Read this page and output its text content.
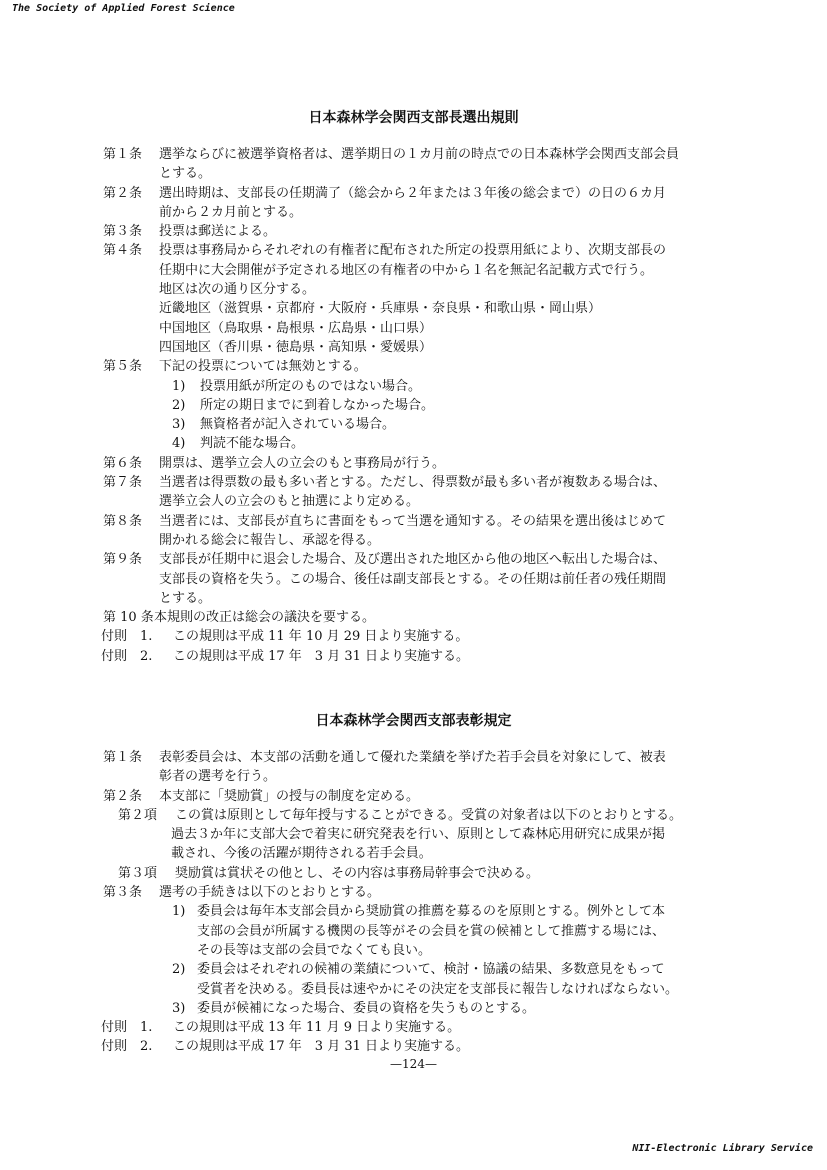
The Society of Applied Forest Science
日本森林学会関西支部長選出規則
第１条 選挙ならびに被選挙資格者は、選挙期日の１カ月前の時点での日本森林学会関西支部会員
とする。
第２条 選出時期は、支部長の任期満了（総会から２年または３年後の総会まで）の日の６カ月
前から２カ月前とする。
第３条 投票は郵送による。
第４条 投票は事務局からそれぞれの有権者に配布された所定の投票用紙により、次期支部長の
任期中に大会開催が予定される地区の有権者の中から１名を無記名記載方式で行う。
地区は次の通り区分する。
近畿地区（滋賀県・京都府・大阪府・兵庫県・奈良県・和歌山県・岡山県）
中国地区（鳥取県・島根県・広島県・山口県）
四国地区（香川県・徳島県・高知県・愛媛県）
第５条 下記の投票については無効とする。
1) 投票用紙が所定のものではない場合。
2) 所定の期日までに到着しなかった場合。
3) 無資格者が記入されている場合。
4) 判読不能な場合。
第６条 開票は、選挙立会人の立会のもと事務局が行う。
第７条 当選者は得票数の最も多い者とする。ただし、得票数が最も多い者が複数ある場合は、
選挙立会人の立会のもと抽選により定める。
第８条 当選者には、支部長が直ちに書面をもって当選を通知する。その結果を選出後はじめて
開かれる総会に報告し、承認を得る。
第９条 支部長が任期中に退会した場合、及び選出された地区から他の地区へ転出した場合は、
支部長の資格を失う。この場合、後任は副支部長とする。その任期は前任者の残任期間
とする。
第 10 条 本規則の改正は総会の議決を要する。
付則　1. この規則は平成 11 年 10 月 29 日より実施する。
付則　2. この規則は平成 17 年　3 月 31 日より実施する。
日本森林学会関西支部表彰規定
第１条 表彰委員会は、本支部の活動を通して優れた業績を挙げた若手会員を対象にして、被表
彰者の選考を行う。
第２条 本支部に「奨励賞」の授与の制度を定める。
第２項 この賞は原則として毎年授与することができる。受賞の対象者は以下のとおりとする。
過去３か年に支部大会で着実に研究発表を行い、原則として森林応用研究に成果が掲
載され、今後の活躍が期待される若手会員。
第３項 奨励賞は賞状その他とし、その内容は事務局幹事会で決める。
第３条 選考の手続きは以下のとおりとする。
1) 委員会は毎年本支部会員から奨励賞の推薦を募るのを原則とする。例外として本
支部の会員が所属する機関の長等がその会員を賞の候補として推薦する場には、
その長等は支部の会員でなくても良い。
2) 委員会はそれぞれの候補の業績について、検討・協議の結果、多数意見をもって
受賞者を決める。委員長は速やかにその決定を支部長に報告しなければならない。
3) 委員が候補になった場合、委員の資格を失うものとする。
付則　1. この規則は平成 13 年 11 月 9 日より実施する。
付則　2. この規則は平成 17 年　3 月 31 日より実施する。
—124—
NII-Electronic Library Service
